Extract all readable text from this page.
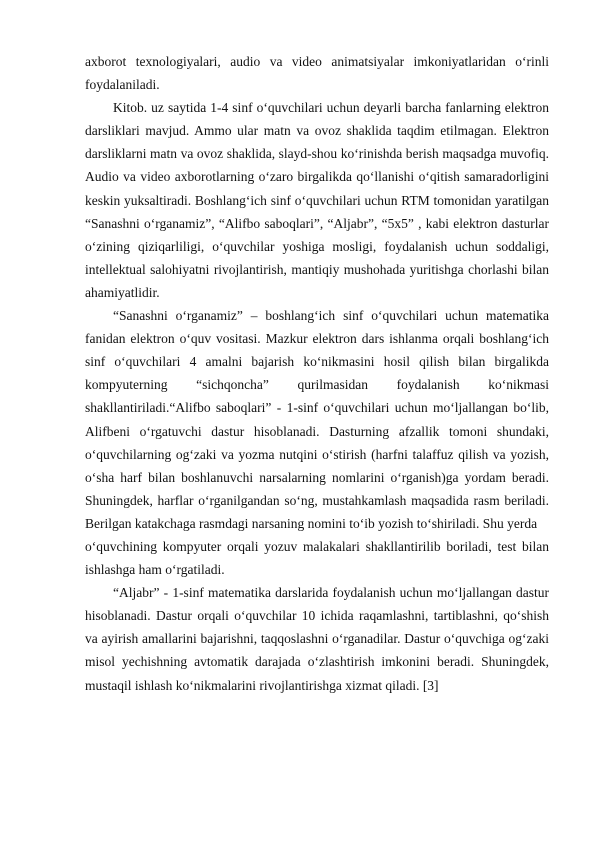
axborot texnologiyalari, audio va video animatsiyalar imkoniyatlaridan o‘rinli foydalaniladi.

Kitob. uz saytida 1-4 sinf o‘quvchilari uchun deyarli barcha fanlarning elektron darsliklari mavjud. Ammo ular matn va ovoz shaklida taqdim etilmagan. Elektron darsliklarni matn va ovoz shaklida, slayd-shou ko‘rinishda berish maqsadga muvofiq. Audio va video axborotlarning o‘zaro birgalikda qo‘llanishi o‘qitish samaradorligini keskin yuksaltiradi. Boshlang‘ich sinf o‘quvchilari uchun RTM tomonidan yaratilgan “Sanashni o‘rganamiz”, “Alifbo saboqlari”, “Aljabr”, “5x5” , kabi elektron dasturlar o‘zining qiziqarliligi, o‘quvchilar yoshiga mosligi, foydalanish uchun soddaligi, intellektual salohiyatni rivojlantirish, mantiqiy mushohada yuritishga chorlashi bilan ahamiyatlidir.

“Sanashni o‘rganamiz” – boshlang‘ich sinf o‘quvchilari uchun matematika fanidan elektron o‘quv vositasi. Mazkur elektron dars ishlanma orqali boshlang‘ich sinf o‘quvchilari 4 amalni bajarish ko‘nikmasini hosil qilish bilan birgalikda kompyuterning “sichqoncha” qurilmasidan foydalanish ko‘nikmasi shakllantiriladi.“Alifbo saboqlari” - 1-sinf o‘quvchilari uchun mo‘ljallangan bo‘lib, Alifbeni o‘rgatuvchi dastur hisoblanadi. Dasturning afzallik tomoni shundaki, o‘quvchilarning og‘zaki va yozma nutqini o‘stirish (harfni talaffuz qilish va yozish, o‘sha harf bilan boshlanuvchi narsalarning nomlarini o‘rganish)ga yordam beradi. Shuningdek, harflar o‘rganilgandan so‘ng, mustahkamlash maqsadida rasm beriladi. Berilgan katakchaga rasmdagi narsaning nomini to‘ib yozish to‘shiriladi. Shu yerda

o‘quvchining kompyuter orqali yozuv malakalari shakllantirilib boriladi, test bilan ishlashga ham o‘rgatiladi.

“Aljabr” - 1-sinf matematika darslarida foydalanish uchun mo‘ljallangan dastur hisoblanadi. Dastur orqali o‘quvchilar 10 ichida raqamlashni, tartiblashni, qo‘shish va ayirish amallarini bajarishni, taqqoslashni o‘rganadilar. Dastur o‘quvchiga og‘zaki misol yechishning avtomatik darajada o‘zlashtirish imkonini beradi. Shuningdek, mustaqil ishlash ko‘nikmalarini rivojlantirishga xizmat qiladi. [3]
